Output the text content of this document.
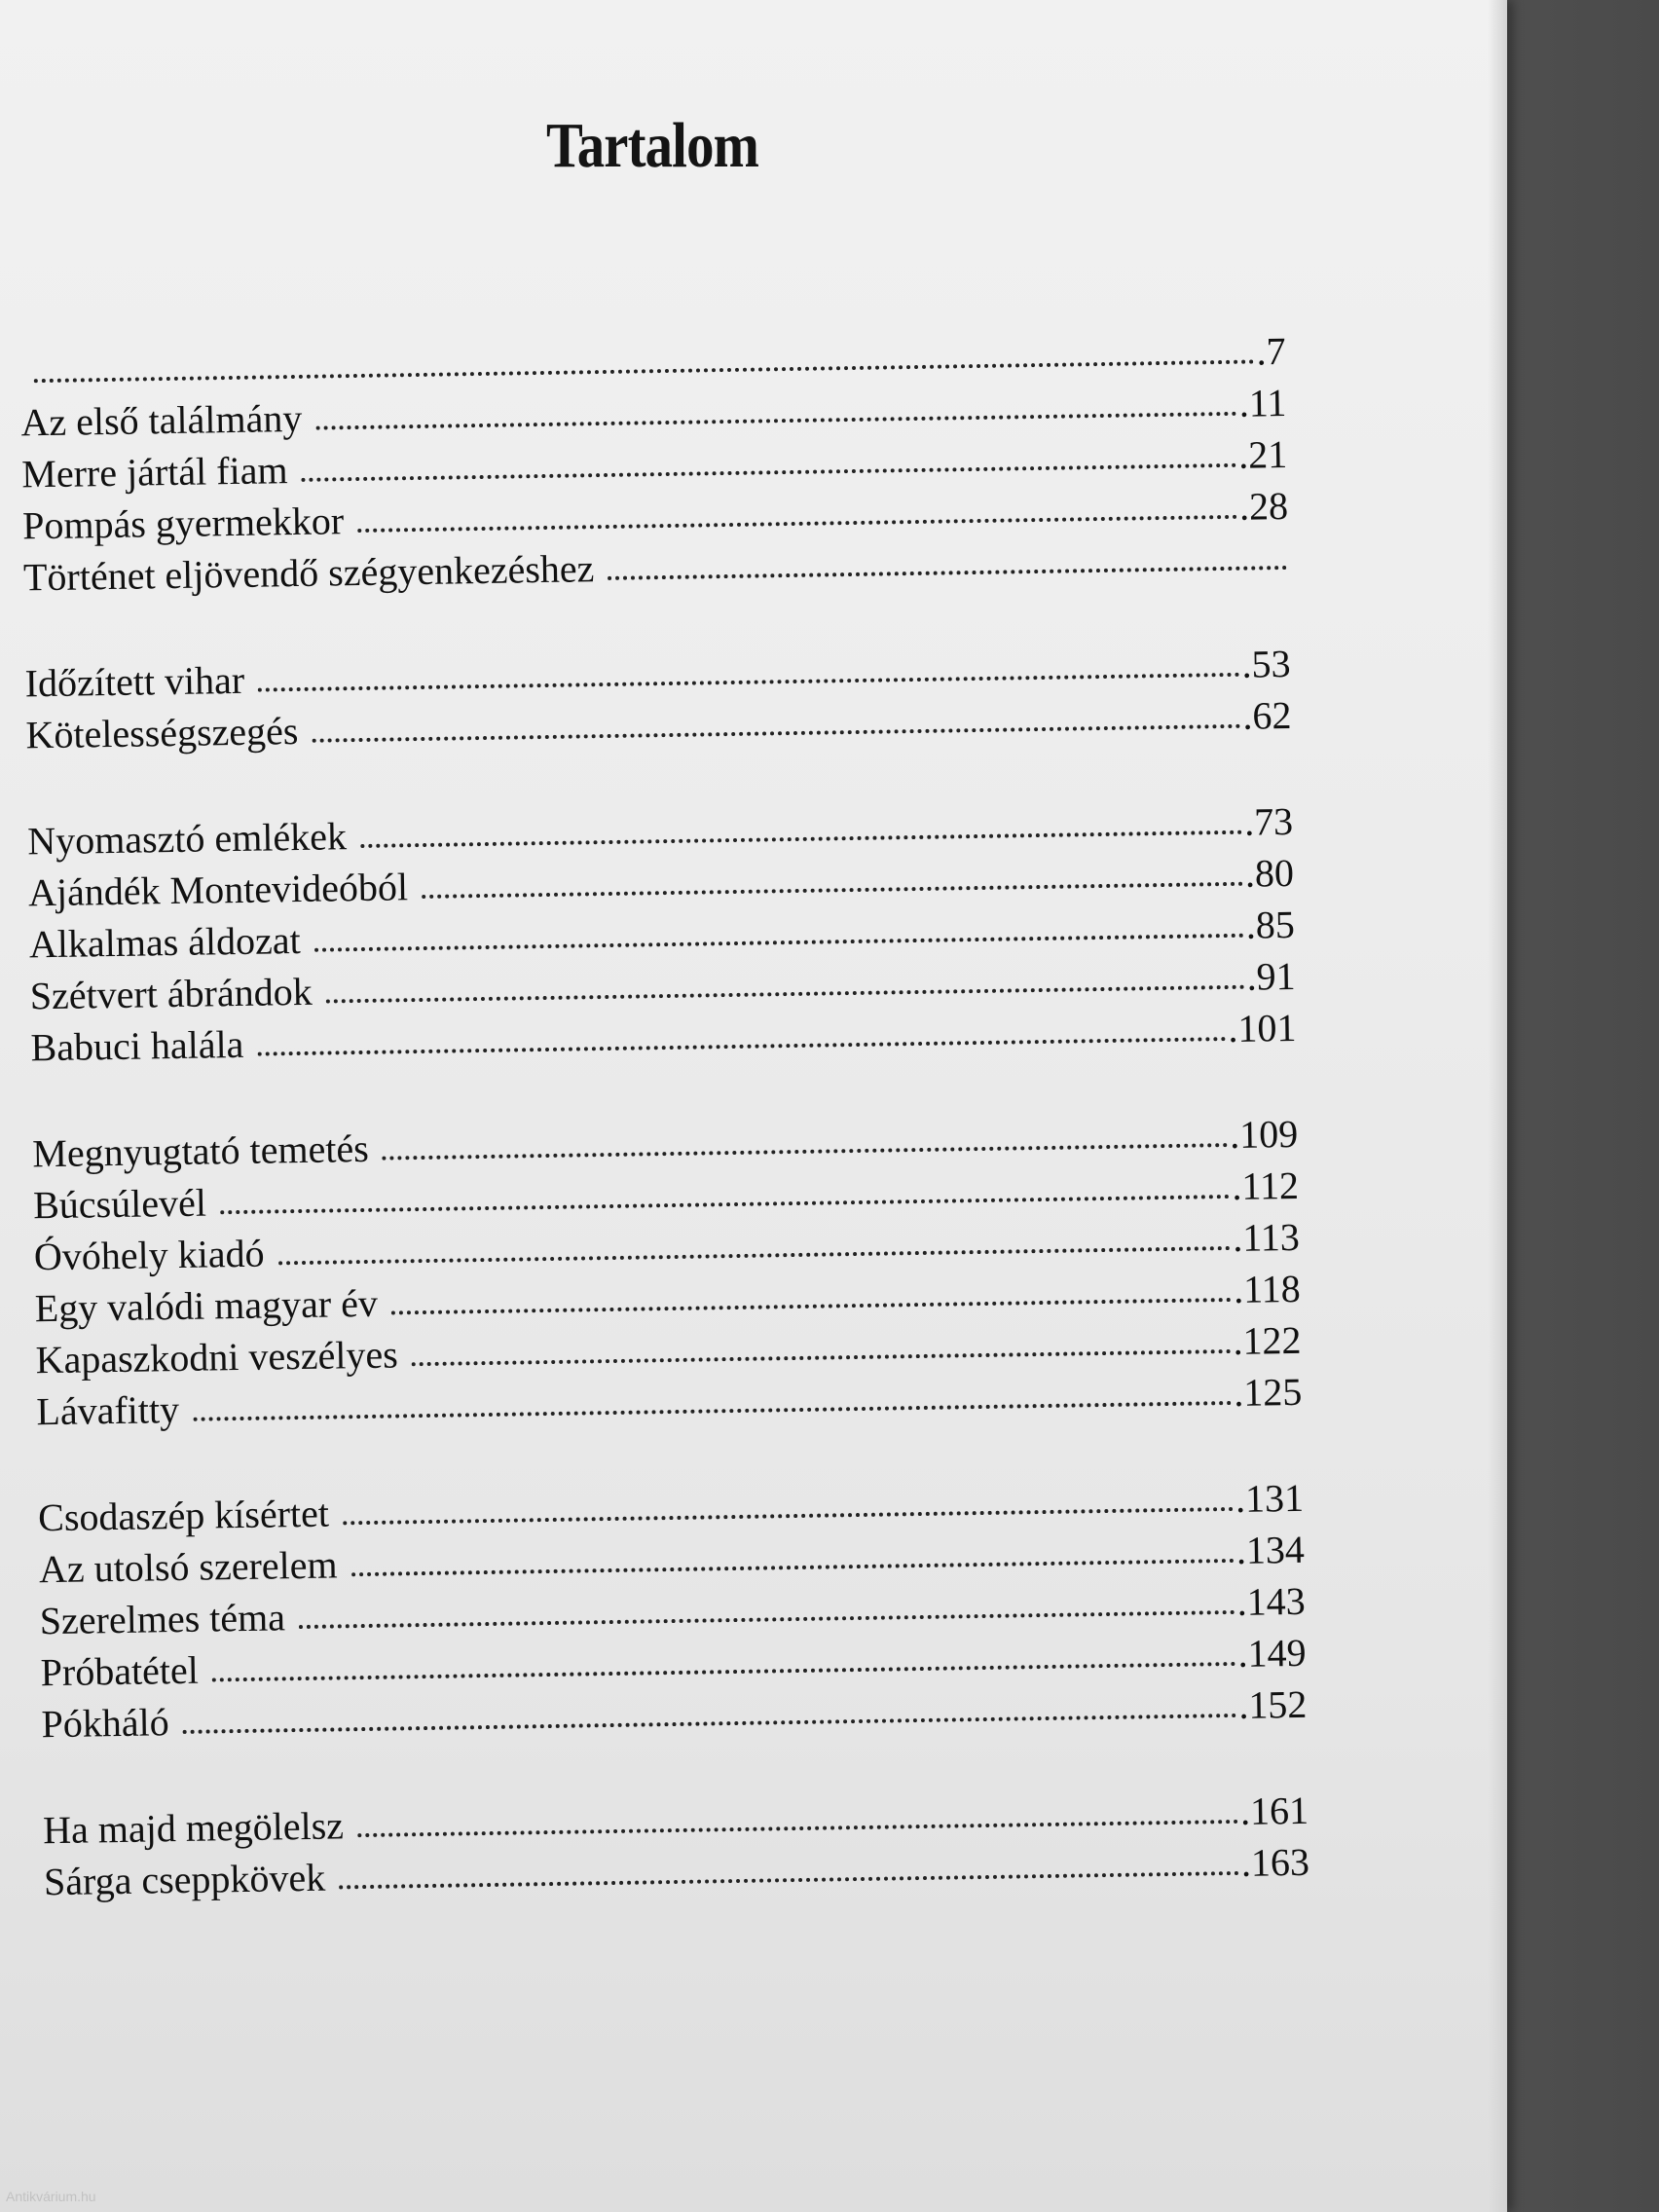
Tartalom
.7
Az első találmány	.11
Merre jártál fiam	.21
Pompás gyermekkor	.28
Történet eljövendő szégyenkezéshez
Időzített vihar	.53
Kötelességszegés	.62
Nyomasztó emlékek	.73
Ajándék Montevideóból	.80
Alkalmas áldozat	.85
Szétvert ábrándok	.91
Babuci halála	.101
Megnyugtató temetés	.109
Búcsúlevél	.112
Óvóhely kiadó	.113
Egy valódi magyar év	.118
Kapaszkodni veszélyes	.122
Lávafitty	.125
Csodaszép kísértet	.131
Az utolsó szerelem	.134
Szerelmes téma	.143
Próbatétel	.149
Pókháló	.152
Ha majd megölelsz	.161
Sárga cseppkövek	.163
Antikvárium.hu
